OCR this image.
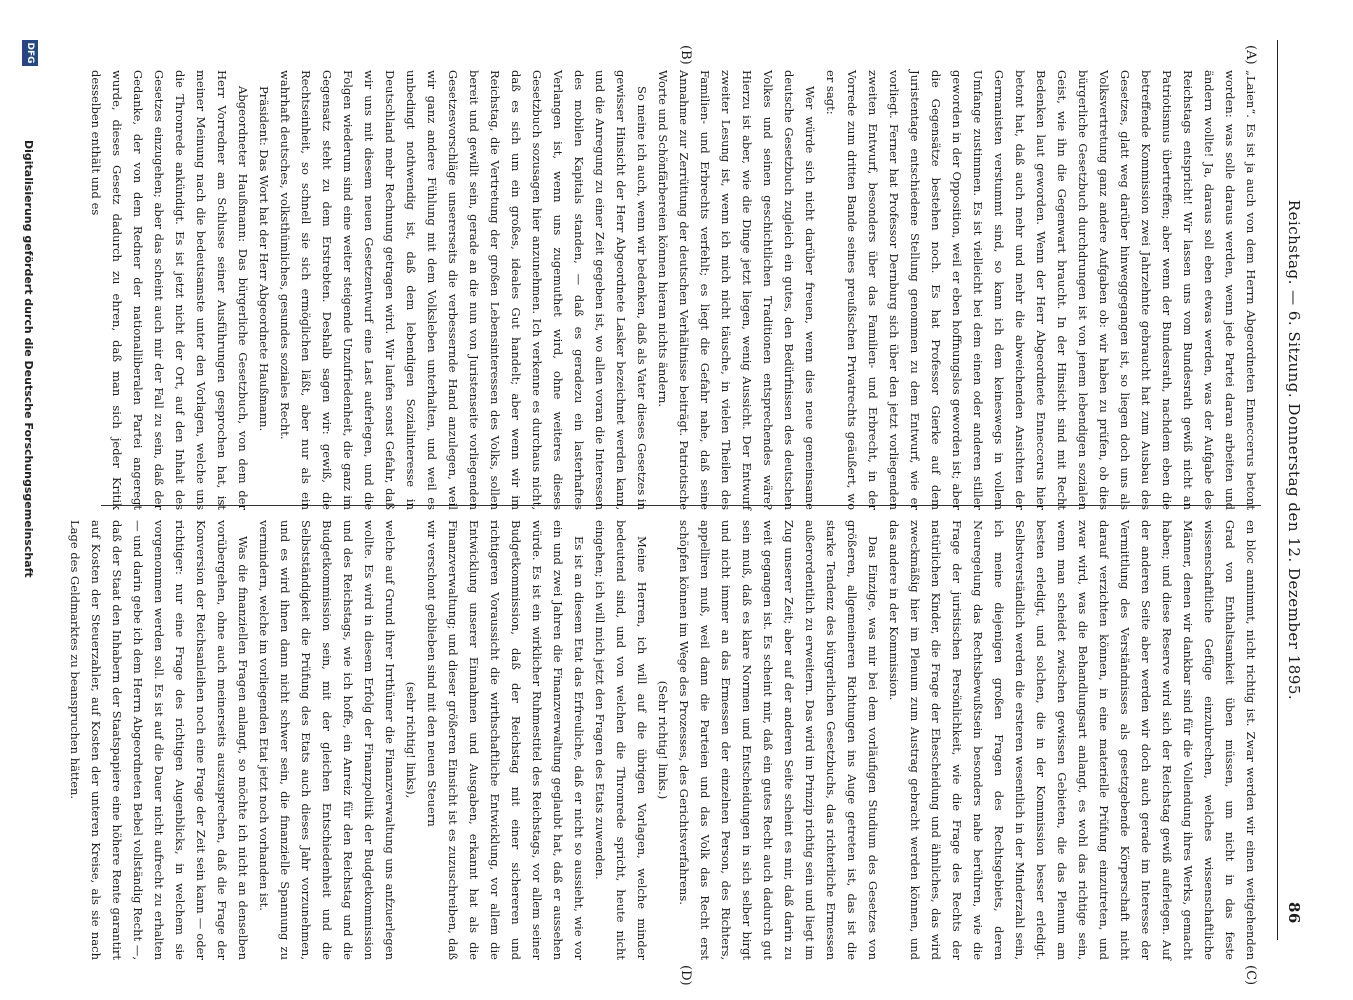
Reichstag. — 6. Sitzung. Donnerstag den 12. Dezember 1895.
86
(A)
(B)
(C)
(D)

„Laien“. Es ist ja auch von dem Herrn Abgeordneten Enneccerus betont worden: was solle daraus werden, wenn jede Partei daran arbeiten und ändern wollte! Ja, daraus soll eben etwas werden, was der Aufgabe des Reichstags entspricht! Wir lassen uns vom Bundesrath gewiß nicht an Patriotismus übertreffen; aber wenn der Bundesrath, nachdem eben die betreffende Kommission zwei Jahrzehnte gebraucht hat zum Ausbau des Gesetzes, glatt weg darüber hinweggegangen ist, so liegen doch uns als Volksvertretung ganz andere Aufgaben ob: wir haben zu prüfen, ob dies bürgerliche Gesetzbuch durchdrungen ist von jenem lebendigen sozialen Geist, wie ihn die Gegenwart braucht. In der Hinsicht sind mit Recht Bedenken laut geworden. Wenn der Herr Abgeordnete Enneccerus hier betont hat, daß auch mehr und mehr die abweichenden Ansichten der Germanisten verstummt sind, so kann ich dem keineswegs in vollem Umfange zustimmen. Es ist vielleicht bei dem einen oder anderen stiller geworden in der Opposition, weil er eben hoffnungslos geworden ist; aber die Gegensätze bestehen noch. Es hat Professor Gierke auf dem Juristentage entschiedene Stellung genommen zu dem Entwurf, wie er vorliegt. Ferner hat Professor Dernburg sich über den jetzt vorliegenden zweiten Entwurf, besonders über das Familien- und Erbrecht, in der Vorrede zum dritten Bande seines preußischen Privatrechts geäußert, wo er sagt:

Wer würde sich nicht darüber freuen, wenn dies neue gemeinsame deutsche Gesetzbuch zugleich ein gutes, den Bedürfnissen des deutschen Volkes und seinen geschichtlichen Traditionen entsprechendes wäre? Hierzu ist aber, wie die Dinge jetzt liegen, wenig Aussicht. Der Entwurf zweiter Lesung ist, wenn ich mich nicht täusche, in vielen Theilen des Familien- und Erbrechts verfehlt; es liegt die Gefahr nahe, daß seine Annahme zur Zerrüttung der deutschen Verhältnisse beiträgt. Patriotische Worte und Schönfärbereien können hieran nichts ändern.

So meine ich auch, wenn wir bedenken, daß als Vater dieses Gesetzes in gewisser Hinsicht der Herr Abgeordnete Lasker bezeichnet werden kann, und die Anregung zu einer Zeit gegeben ist, wo allen voran die Interessen des mobilen Kapitals standen, — daß es geradezu ein lasterhaftes Verlangen ist, wenn uns zugemuthet wird, ohne weiteres dieses Gesetzbuch sozusagen hier anzunehmen. Ich verkenne es durchaus nicht, daß es sich um ein großes, ideales Gut handelt; aber wenn wir im Reichstag, die Vertretung der großen Lebensinteressen des Volks, sollen bereit und gewillt sein, gerade an die nun von Juristenseite vorliegenden Gesetzesvorschläge unsererseits die verbessernde Hand anzulegen, weil wir ganz andere Fühlung mit dem Volksleben unterhalten, und weil es unbedingt nothwendig ist, daß dem lebendigen Sozialinteresse in Deutschland mehr Rechnung getragen wird. Wir laufen sonst Gefahr, daß wir uns mit diesem neuen Gesetzentwurf eine Last auferlegen, und die Folgen wiederum sind eine weiter steigende Unzufriedenheit, die ganz im Gegensatz steht zu dem Erstrebten. Deshalb sagen wir: gewiß, die Rechtseinheit, so schnell sie sich ermöglichen läßt, aber nur als ein wahrhaft deutsches, volksthümliches, gesundes soziales Recht.

Präsident: Das Wort hat der Herr Abgeordnete Haußmann.

Abgeordneter Haußmann: Das bürgerliche Gesetzbuch, von dem der Herr Vorredner am Schlusse seiner Ausführungen gesprochen hat, ist meiner Meinung nach die bedeutsamste unter den Vorlagen, welche uns die Thronrede ankündigt. Es ist jetzt nicht der Ort, auf den Inhalt des Gesetzes einzugehen; aber das scheint auch mir der Fall zu sein, daß der Gedanke, der von dem Redner der nationalliberalen Partei angeregt wurde, dieses Gesetz dadurch zu ehren, daß man sich jeder Kritik desselben enthält und es

en bloc annimmt, nicht richtig ist. Zwar werden wir einen weitgehenden Grad von Enthaltsamkeit üben müssen, um nicht in das feste wissenschaftliche Gefüge einzubrechen, welches wissenschaftliche Männer, denen wir dankbar sind für die Vollendung ihres Werks, gemacht haben; und diese Reserve wird sich der Reichstag gewiß auferlegen. Auf der anderen Seite aber werden wir doch auch gerade im Interesse der Vermittlung des Verständnisses als gesetzgebende Körperschaft nicht darauf verzichten können, in eine materielle Prüfung einzutreten, und zwar wird, was die Behandlungsart anlangt, es wohl das richtige sein, wenn man scheidet zwischen gewissen Gebieten, die das Plenum am besten erledigt, und solchen, die in der Kommission besser erledigt. Selbstverständlich werden die ersteren wesentlich in der Minderzahl sein, ich meine diejenigen großen Fragen des Rechtsgebiets, deren Neuregelung das Rechtsbewußtsein besonders nahe berühren, wie die Frage der juristischen Persönlichkeit, wie die Frage des Rechts der natürlichen Kinder, die Frage der Ehescheidung und ähnliches, das wird zweckmäßig hier im Plenum zum Austrag gebracht werden können, und das andere in der Kommission.

Das Einzige, was mir bei dem vorläufigen Studium des Gesetzes von größeren, allgemeineren Richtungen ins Auge getreten ist, das ist die starke Tendenz des bürgerlichen Gesetzbuchs, das richterliche Ermessen außerordentlich zu erweitern. Das wird im Prinzip richtig sein und liegt im Zug unserer Zeit; aber auf der anderen Seite scheint es mir, daß darin zu weit gegangen ist. Es scheint mir, daß ein gutes Recht auch dadurch gut sein muß, daß es klare Normen und Entscheidungen in sich selber birgt und nicht immer an das Ermessen der einzelnen Person, des Richters, appelliren muß, weil dann die Parteien und das Volk das Recht erst schöpfen können im Wege des Prozesses, des Gerichtsverfahrens.

(Sehr richtig! links.)

Meine Herren, ich will auf die übrigen Vorlagen, welche minder bedeutend sind, und von welchen die Thronrede spricht, heute nicht eingehen; ich will mich jetzt den Fragen des Etats zuwenden.

Es ist an diesem Etat das Erfreuliche, daß er nicht so aussieht, wie vor ein und zwei Jahren die Finanzverwaltung geglaubt hat, daß er aussehen würde. Es ist ein wirklicher Ruhmestitel des Reichstags, vor allem seiner Budgetkommission, daß der Reichstag mit einer sichereren und richtigeren Voraussicht die wirthschaftliche Entwicklung, vor allem die Entwicklung unserer Einnahmen und Ausgaben, erkannt hat als die Finanzverwaltung; und dieser größeren Einsicht ist es zuzuschreiben, daß wir verschont geblieben sind mit den neuen Steuern

(sehr richtig! links),

welche auf Grund ihrer Irrthümer die Finanzverwaltung uns anfzuerlegen wollte. Es wird in diesem Erfolg der Finanzpolitik der Budgetkommission und des Reichstags, wie ich hoffe, ein Anreiz für den Reichstag und die Budgetkommission sein, mit der gleichen Entschiedenheit und die Selbstständigkeit die Prüfung des Etats auch dieses Jahr vorzunehmen, und es wird ihnen dann nicht schwer sein, die finanzielle Spannung zu vermindern, welche im vorliegenden Etat jetzt noch vorhanden ist.

Was die finanziellen Fragen anlangt, so möchte ich nicht an denselben vorübergehen, ohne auch meinerseits auszusprechen, daß die Frage der Konversion der Reichsanleihen noch eine Frage der Zeit sein kann — oder richtiger: nur eine Frage des richtigen Augenblicks, in welchem sie vorgenommen werden soll. Es ist auf die Dauer nicht aufrecht zu erhalten — und darin gebe ich dem Herrn Abgeordneten Bebel vollständig Recht —, daß der Staat den Inhabern der Staatspapiere eine höhere Rente garantirt auf Kosten der Steuerzahler, auf Kosten der unteren Kreise, als sie nach Lage des Geldmarktes zu beanspruchen hätten.

DFG
Digitalisierung gefördert durch die Deutsche Forschungsgemeinschaft
